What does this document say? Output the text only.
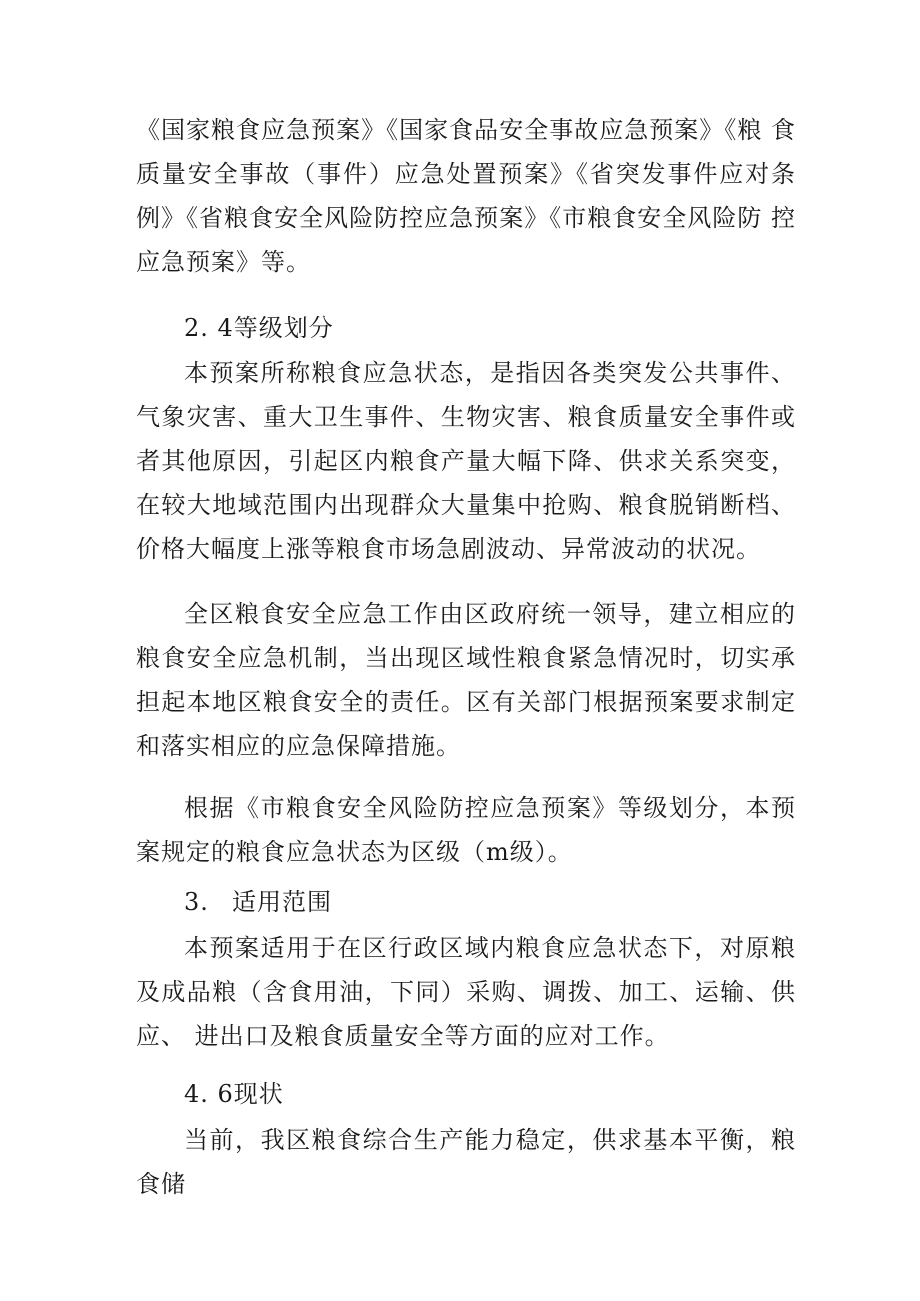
《国家粮食应急预案》《国家食品安全事故应急预案》《粮 食质量安全事故（事件）应急处置预案》《省突发事件应对条 例》《省粮食安全风险防控应急预案》《市粮食安全风险防 控应急预案》等。

2. 4等级划分

本预案所称粮食应急状态，是指因各类突发公共事件、 气象灾害、重大卫生事件、生物灾害、粮食质量安全事件或 者其他原因，引起区内粮食产量大幅下降、供求关系突变， 在较大地域范围内出现群众大量集中抢购、粮食脱销断档、 价格大幅度上涨等粮食市场急剧波动、异常波动的状况。

全区粮食安全应急工作由区政府统一领导，建立相应的 粮食安全应急机制，当出现区域性粮食紧急情况时，切实承 担起本地区粮食安全的责任。区有关部门根据预案要求制定 和落实相应的应急保障措施。

根据《市粮食安全风险防控应急预案》等级划分，本预 案规定的粮食应急状态为区级（m级）。

3. 适用范围

本预案适用于在区行政区域内粮食应急状态下，对原粮 及成品粮（含食用油，下同）采购、调拨、加工、运输、供应、 进出口及粮食质量安全等方面的应对工作。

4. 6现状

当前，我区粮食综合生产能力稳定，供求基本平衡，粮 食储
